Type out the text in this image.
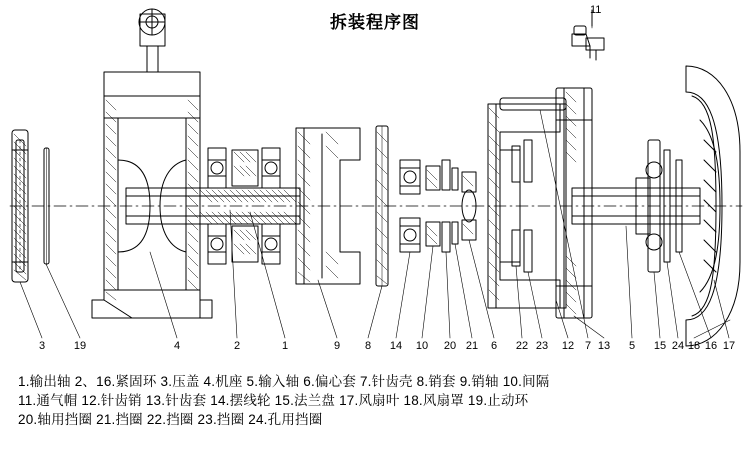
拆装程序图
11
3	19	4	2	1	9 8 14 10 20 21 6 22 23 12 7 13 5 15 24 18 16 17
1.输出轴 2、16.紧固环 3.压盖 4.机座 5.输入轴 6.偏心套 7.针齿壳 8.销套 9.销轴 10.间隔
11.通气帽 12.针齿销 13.针齿套 14.摆线轮 15.法兰盘 17.风扇叶 18.风扇罩 19.止动环
20.轴用挡圈 21.挡圈 22.挡圈 23.挡圈 24.孔用挡圈
